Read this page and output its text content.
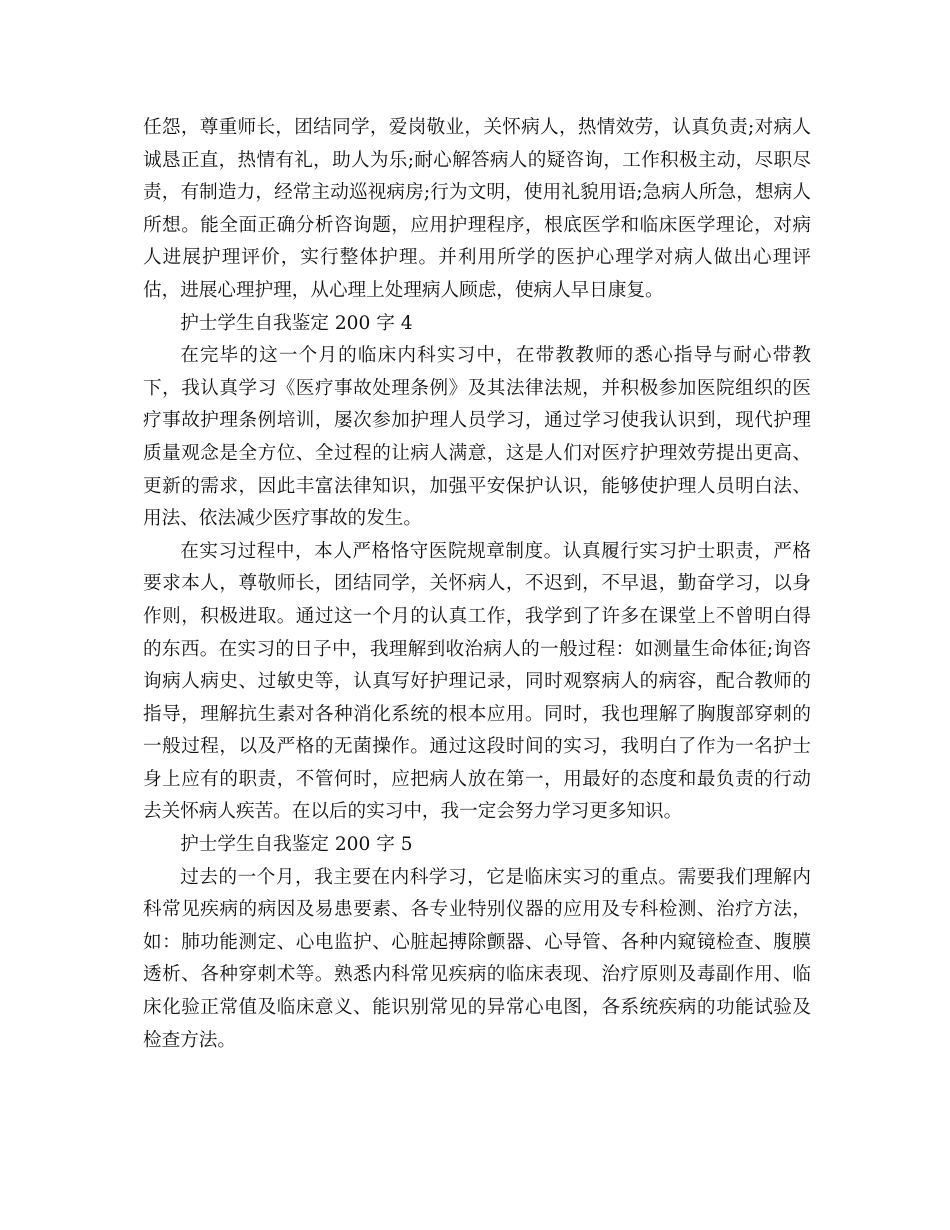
任怨，尊重师长，团结同学，爱岗敬业，关怀病人，热情效劳，认真负责;对病人诚恳正直，热情有礼，助人为乐;耐心解答病人的疑咨询，工作积极主动，尽职尽责，有制造力，经常主动巡视病房;行为文明，使用礼貌用语;急病人所急，想病人所想。能全面正确分析咨询题，应用护理程序，根底医学和临床医学理论，对病人进展护理评价，实行整体护理。并利用所学的医护心理学对病人做出心理评估，进展心理护理，从心理上处理病人顾虑，使病人早日康复。

护士学生自我鉴定 200 字 4

在完毕的这一个月的临床内科实习中，在带教教师的悉心指导与耐心带教下，我认真学习《医疗事故处理条例》及其法律法规，并积极参加医院组织的医疗事故护理条例培训，屡次参加护理人员学习，通过学习使我认识到，现代护理质量观念是全方位、全过程的让病人满意，这是人们对医疗护理效劳提出更高、更新的需求，因此丰富法律知识，加强平安保护认识，能够使护理人员明白法、用法、依法减少医疗事故的发生。

在实习过程中，本人严格恪守医院规章制度。认真履行实习护士职责，严格要求本人，尊敬师长，团结同学，关怀病人，不迟到，不早退，勤奋学习，以身作则，积极进取。通过这一个月的认真工作，我学到了许多在课堂上不曾明白得的东西。在实习的日子中，我理解到收治病人的一般过程：如测量生命体征;询咨询病人病史、过敏史等，认真写好护理记录，同时观察病人的病容，配合教师的指导，理解抗生素对各种消化系统的根本应用。同时，我也理解了胸腹部穿刺的一般过程，以及严格的无菌操作。通过这段时间的实习，我明白了作为一名护士身上应有的职责，不管何时，应把病人放在第一，用最好的态度和最负责的行动去关怀病人疾苦。在以后的实习中，我一定会努力学习更多知识。

护士学生自我鉴定 200 字 5

过去的一个月，我主要在内科学习，它是临床实习的重点。需要我们理解内科常见疾病的病因及易患要素、各专业特别仪器的应用及专科检测、治疗方法，如：肺功能测定、心电监护、心脏起搏除颤器、心导管、各种内窥镜检查、腹膜透析、各种穿刺术等。熟悉内科常见疾病的临床表现、治疗原则及毒副作用、临床化验正常值及临床意义、能识别常见的异常心电图，各系统疾病的功能试验及检查方法。
